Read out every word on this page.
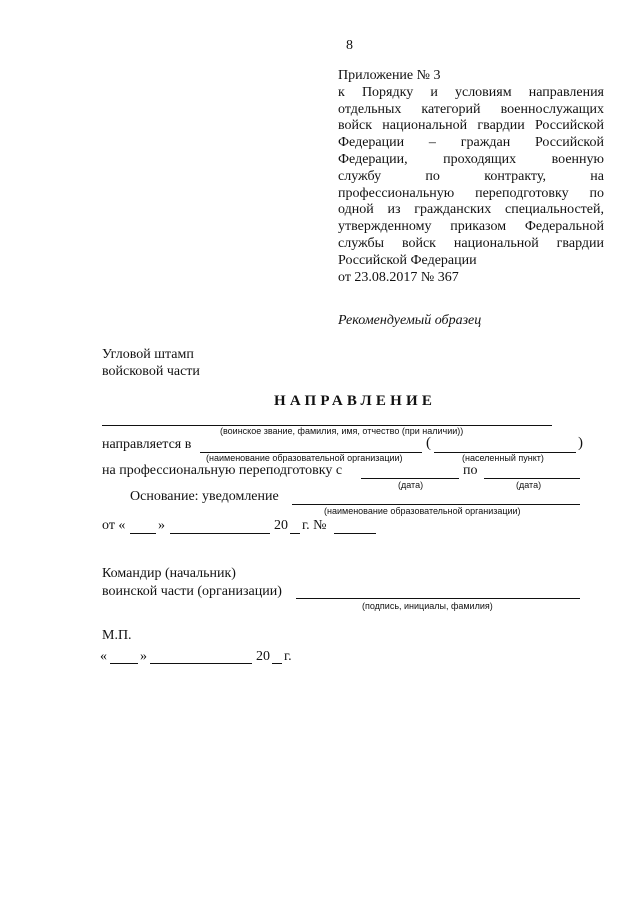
8
Приложение № 3
к Порядку и условиям направления
отдельных категорий военнослужащих
войск национальной гвардии Российской
Федерации – граждан Российской
Федерации, проходящих военную
службу по контракту, на
профессиональную переподготовку по
одной из гражданских специальностей,
утвержденному приказом Федеральной
службы войск национальной гвардии
Российской Федерации
от 23.08.2017 № 367
Рекомендуемый образец
Угловой штамп
войсковой части
НАПРАВЛЕНИЕ
(воинское звание, фамилия, имя, отчество (при наличии))
направляется в	(	)
(наименование образовательной организации)	(населенный пункт)
на профессиональную переподготовку с	по
(дата)	(дата)
Основание: уведомление
(наименование образовательной организации)
от « »	20 г. №
Командир (начальник)
воинской части (организации)
(подпись, инициалы, фамилия)
М.П.
« »	20 г.
